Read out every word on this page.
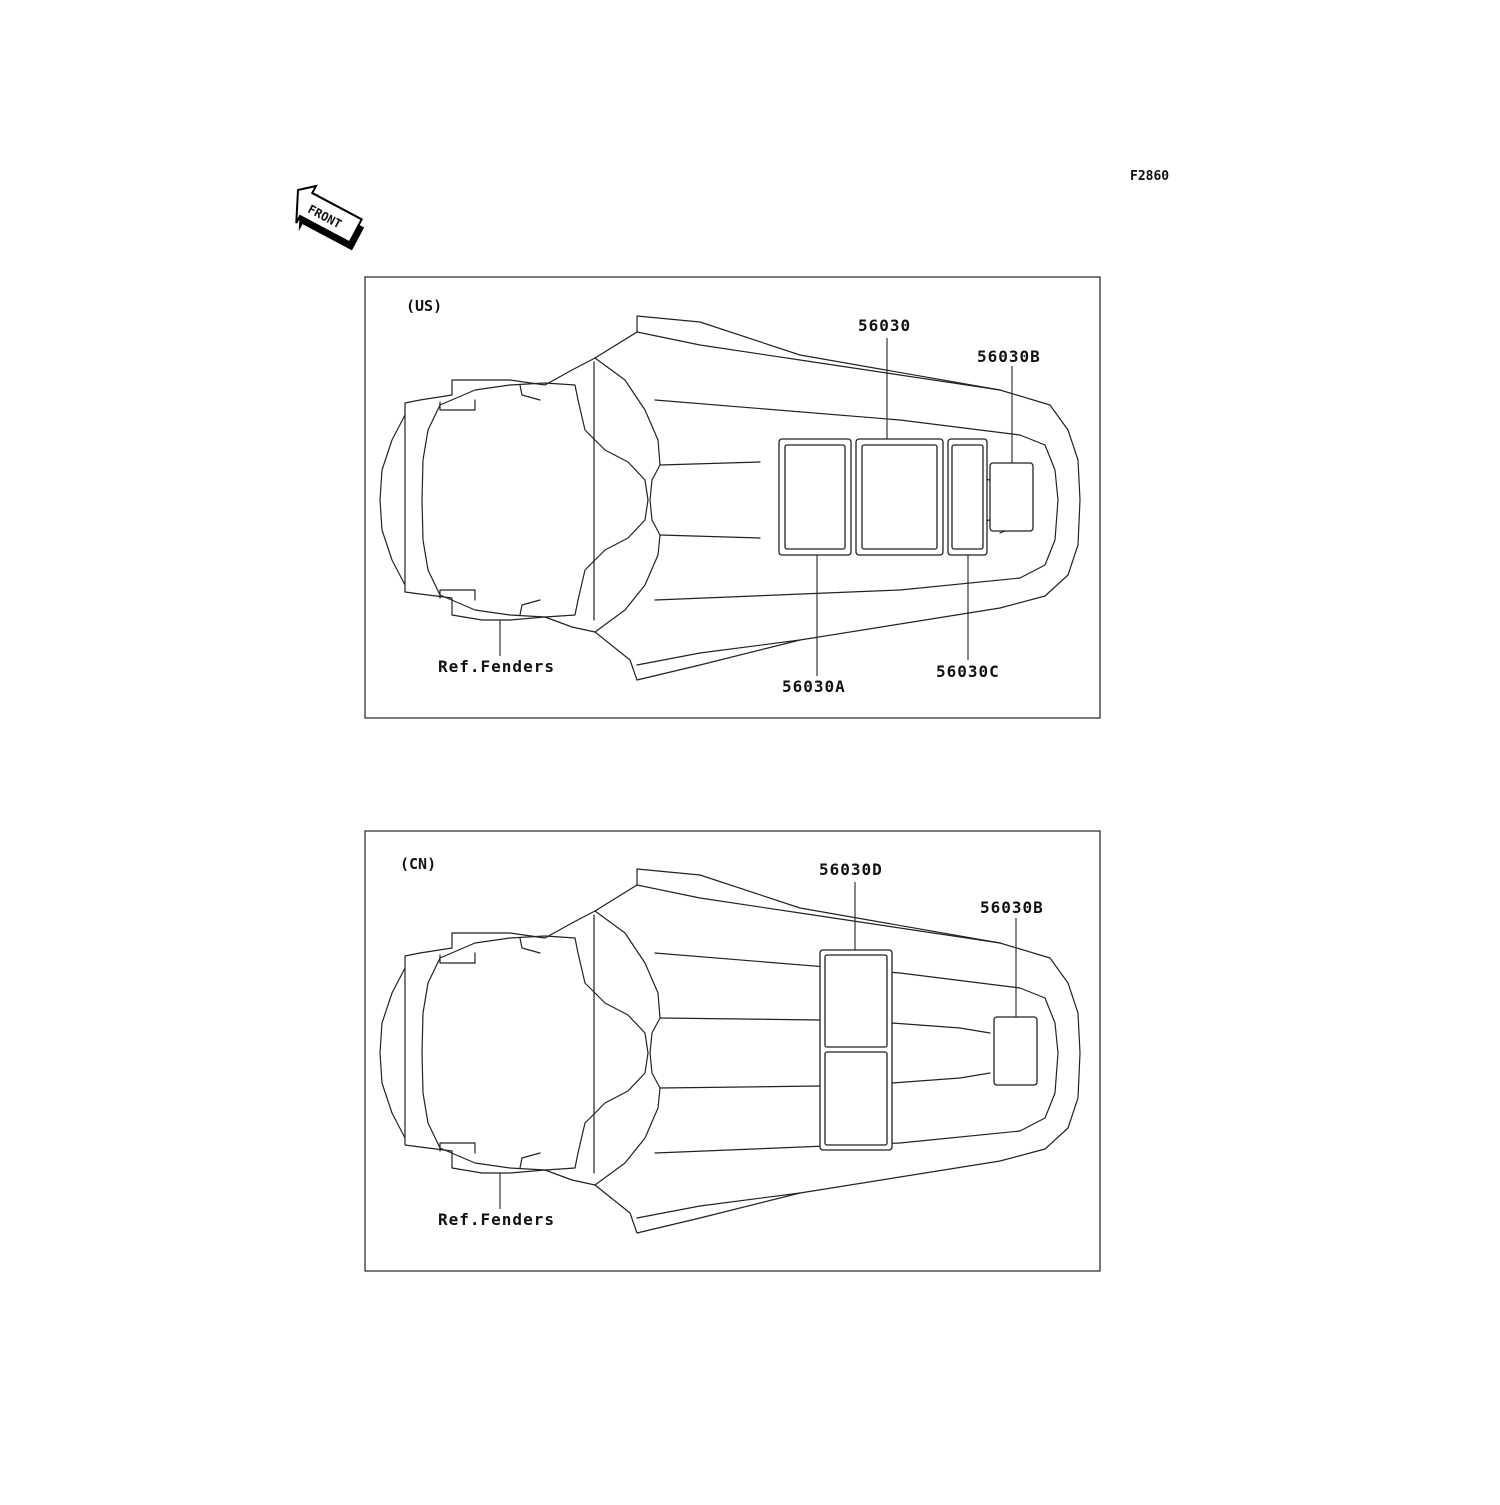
F2860
FRONT
(US)
56030
56030B
56030A
56030C
Ref.Fenders
(CN)	56030D
56030B
Ref.Fenders
